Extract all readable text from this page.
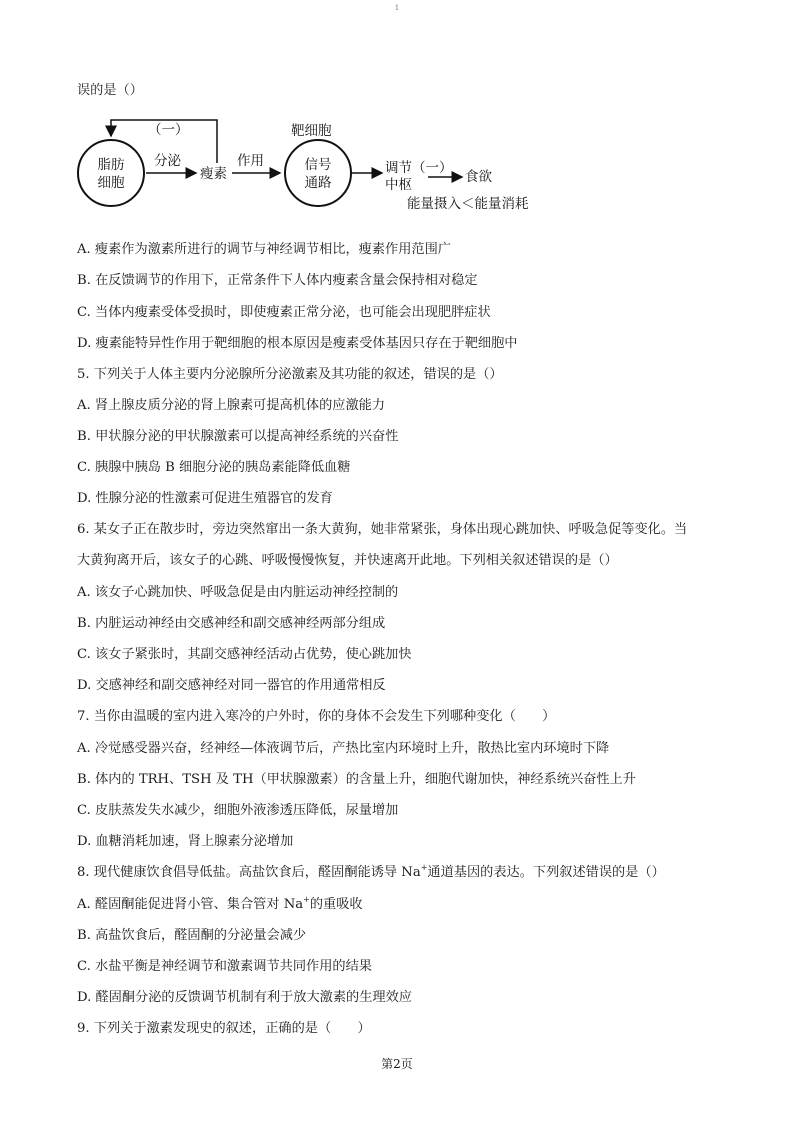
1
误的是（）
（一）
脂肪
细胞
分泌
瘦素
作用
靶细胞
信号
通路
调节（一）
中枢	食欲
能量摄入＜能量消耗
A. 瘦素作为激素所进行的调节与神经调节相比，瘦素作用范围广
B. 在反馈调节的作用下，正常条件下人体内瘦素含量会保持相对稳定
C. 当体内瘦素受体受损时，即使瘦素正常分泌，也可能会出现肥胖症状
D. 瘦素能特异性作用于靶细胞的根本原因是瘦素受体基因只存在于靶细胞中
5. 下列关于人体主要内分泌腺所分泌激素及其功能的叙述，错误的是（）
A. 肾上腺皮质分泌的肾上腺素可提高机体的应激能力
B. 甲状腺分泌的甲状腺激素可以提高神经系统的兴奋性
C. 胰腺中胰岛 B 细胞分泌的胰岛素能降低血糖
D. 性腺分泌的性激素可促进生殖器官的发育
6. 某女子正在散步时，旁边突然窜出一条大黄狗，她非常紧张，身体出现心跳加快、呼吸急促等变化。当
大黄狗离开后，该女子的心跳、呼吸慢慢恢复，并快速离开此地。下列相关叙述错误的是（）
A. 该女子心跳加快、呼吸急促是由内脏运动神经控制的
B. 内脏运动神经由交感神经和副交感神经两部分组成
C. 该女子紧张时，其副交感神经活动占优势，使心跳加快
D. 交感神经和副交感神经对同一器官的作用通常相反
7. 当你由温暖的室内进入寒冷的户外时，你的身体不会发生下列哪种变化（　　）
A. 冷觉感受器兴奋，经神经—体液调节后，产热比室内环境时上升，散热比室内环境时下降
B. 体内的 TRH、TSH 及 TH（甲状腺激素）的含量上升，细胞代谢加快，神经系统兴奋性上升
C. 皮肤蒸发失水减少，细胞外液渗透压降低，尿量增加
D. 血糖消耗加速，肾上腺素分泌增加
8. 现代健康饮食倡导低盐。高盐饮食后，醛固酮能诱导 Na+通道基因的表达。下列叙述错误的是（）
A. 醛固酮能促进肾小管、集合管对 Na+的重吸收
B. 高盐饮食后，醛固酮的分泌量会减少
C. 水盐平衡是神经调节和激素调节共同作用的结果
D. 醛固酮分泌的反馈调节机制有利于放大激素的生理效应
9. 下列关于激素发现史的叙述，正确的是（　　）
第2页
